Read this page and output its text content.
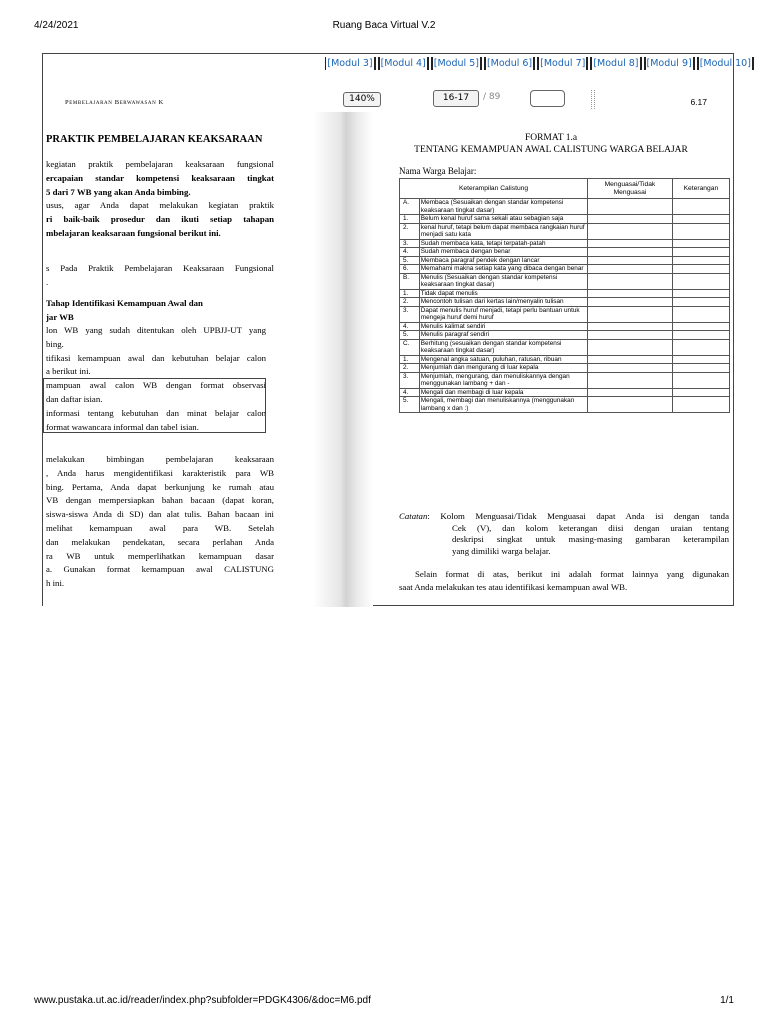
4/24/2021	Ruang Baca Virtual V.2
[Modul 3] [Modul 4] [Modul 5] [Modul 6] [Modul 7] [Modul 8] [Modul 9] [Modul 10]
Pembelajaran Berwawasan K
PRAKTIK PEMBELAJARAN KEAKSARAAN
kegiatan praktik pembelajaran keaksaraan fungsional
ercapaian standar kompetensi keaksaraan tingkat
5 dari 7 WB yang akan Anda bimbing.
usus, agar Anda dapat melakukan kegiatan praktik
ri baik-baik prosedur dan ikuti setiap tahapan
mbelajaran keaksaraan fungsional berikut ini.
s Pada Praktik Pembelajaran Keaksaraan Fungsional
.
Tahap Identifikasi Kemampuan Awal dan
jar WB
lon WB yang sudah ditentukan oleh UPBJJ-UT yang
bing.
tifikasi kemampuan awal dan kebutuhan belajar calon
a berikut ini.
mampuan awal calon WB dengan format observasi
dan daftar isian.
informasi tentang kebutuhan dan minat belajar calon
format wawancara informal dan tabel isian.
melakukan bimbingan pembelajaran keaksaraan
, Anda harus mengidentifikasi karakteristik para WB
bing. Pertama, Anda dapat berkunjung ke rumah atau
VB dengan mempersiapkan bahan bacaan (dapat koran,
siswa-siswa Anda di SD) dan alat tulis. Bahan bacaan ini
melihat kemampuan awal para WB. Setelah
dan melakukan pendekatan, secara perlahan Anda
ra WB untuk memperlihatkan kemampuan dasar
a. Gunakan format kemampuan awal CALISTUNG
h ini.
6.17
FORMAT 1.a
TENTANG KEMAMPUAN AWAL CALISTUNG WARGA BELAJAR
Nama Warga Belajar:
Keterampilan Calistung		Menguasai/Tidak Menguasai	Keterangan
A.	Membaca (Sesuaikan dengan standar kompetensi keaksaraan tingkat dasar)		
1.	Belum kenal huruf sama sekali atau sebagian saja		
2.	kenal huruf, tetapi belum dapat membaca rangkaian huruf menjadi satu kata		
3.	Sudah membaca kata, tetapi terpatah-patah		
4.	Sudah membaca dengan benar		
5.	Membaca paragraf pendek dengan lancar		
6.	Memahami makna setiap kata yang dibaca dengan benar		
B.	Menulis (Sesuaikan dengan standar kompetensi keaksaraan tingkat dasar)		
1.	Tidak dapat menulis		
2.	Mencontoh tulisan dari kertas lain/menyalin tulisan		
3.	Dapat menulis huruf menjadi, tetapi perlu bantuan untuk mengeja huruf demi huruf		
4.	Menulis kalimat sendiri		
5.	Menulis paragraf sendiri		
C.	Berhitung (sesuaikan dengan standar kompetensi keaksaraan tingkat dasar)		
1.	Mengenal angka satuan, puluhan, ratusan, ribuan		
2.	Menjumlah dan mengurang di luar kepala		
3.	Menjumlah, mengurang, dan menuliskannya dengan menggunakan lambang + dan -		
4.	Mengali dan membagi di luar kepala		
5.	Mengali, membagi dan menuliskannya (menggunakan lambang x dan :)		
Catatan: Kolom Menguasai/Tidak Menguasai dapat Anda isi dengan tanda
Cek (V), dan kolom keterangan diisi dengan uraian tentang
deskripsi singkat untuk masing-masing gambaran keterampilan
yang dimiliki warga belajar.
Selain format di atas, berikut ini adalah format lainnya yang digunakan
saat Anda melakukan tes atau identifikasi kemampuan awal WB.
140%	16-17	/ 89
www.pustaka.ut.ac.id/reader/index.php?subfolder=PDGK4306/&doc=M6.pdf	1/1
